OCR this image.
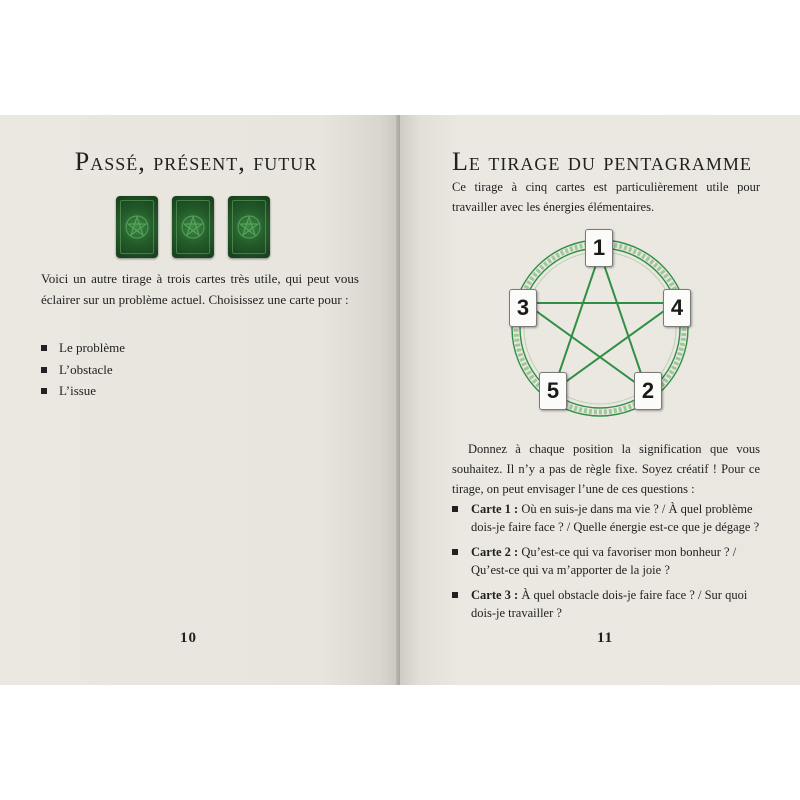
Passé, présent, futur

Voici un autre tirage à trois cartes très utile, qui peut vous éclairer sur un problème actuel. Choisissez une carte pour :

Le problème
L’obstacle
L’issue
10
Le tirage du pentagramme

Ce tirage à cinq cartes est particulièrement utile pour travailler avec les énergies élémentaires.

1
3	4
5	2

Donnez à chaque position la signification que vous souhaitez. Il n’y a pas de règle fixe. Soyez créatif ! Pour ce tirage, on peut envisager l’une de ces questions :

Carte 1 : Où en suis-je dans ma vie ? / À quel problème dois-je faire face ? / Quelle énergie est-ce que je dégage ?
Carte 2 : Qu’est-ce qui va favoriser mon bonheur ? / Qu’est-ce qui va m’apporter de la joie ?
Carte 3 : À quel obstacle dois-je faire face ? / Sur quoi dois-je travailler ?
11
